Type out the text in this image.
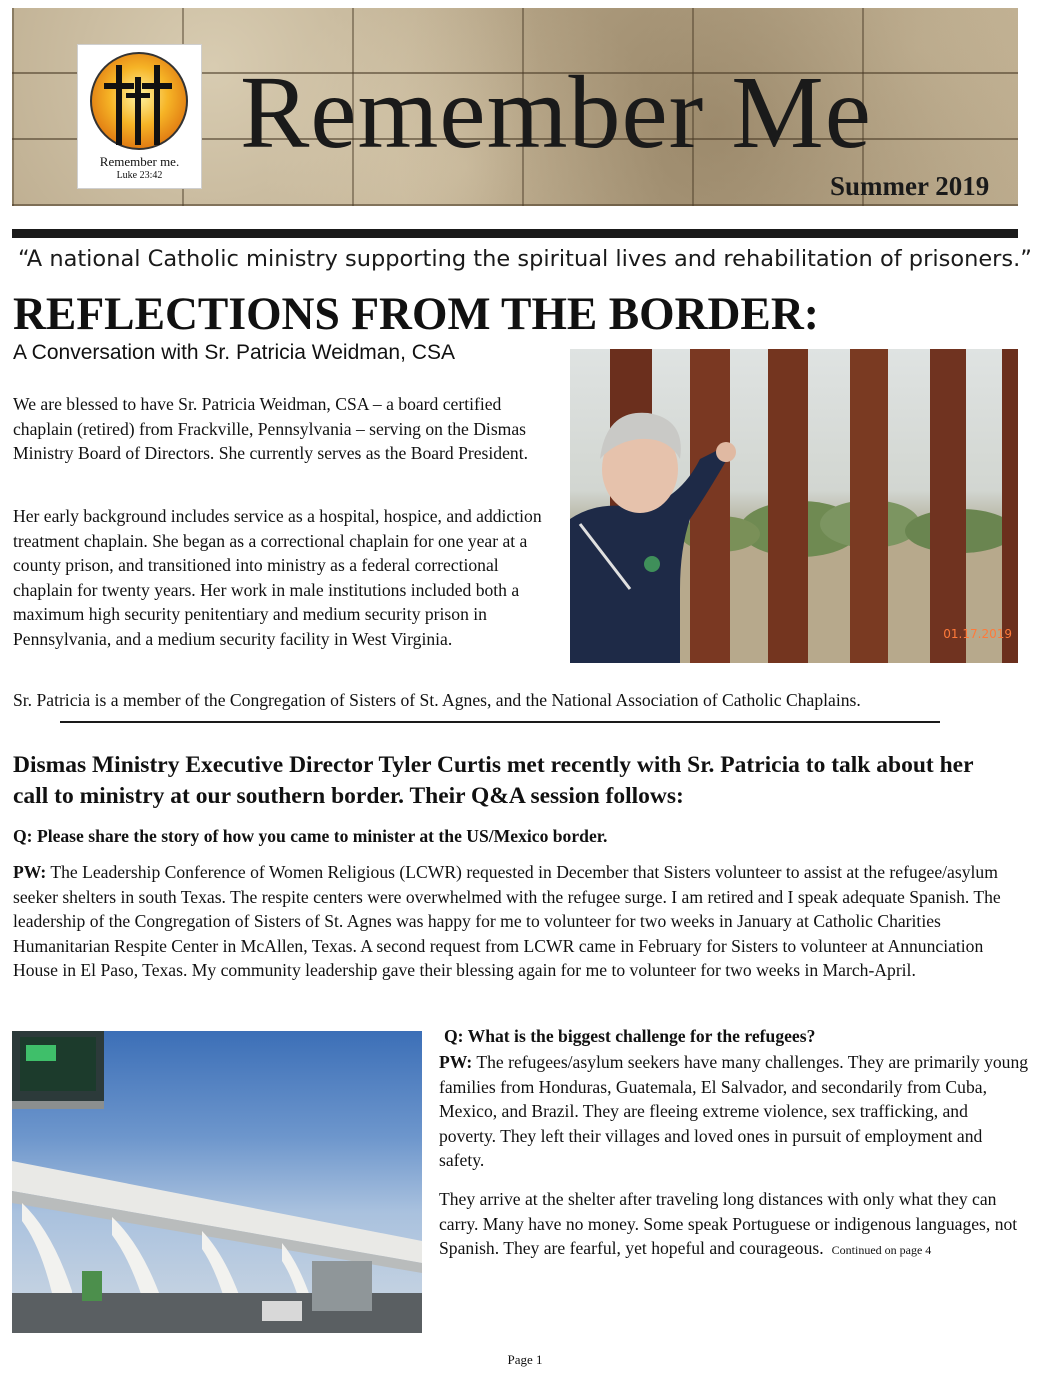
Remember me.
Luke 23:42
Remember Me
Summer 2019
“A national Catholic ministry supporting the spiritual lives and rehabilitation of prisoners.”
REFLECTIONS FROM THE BORDER:
A Conversation with Sr. Patricia Weidman, CSA

We are blessed to have Sr. Patricia Weidman, CSA – a board certified chaplain (retired) from Frackville, Pennsylvania – serving on the Dismas Ministry Board of Directors. She currently serves as the Board President.

Her early background includes service as a hospital, hospice, and addiction treatment chaplain. She began as a correctional chaplain for one year at a county prison, and transitioned into ministry as a federal correctional chaplain for twenty years. Her work in male institutions included both a maximum high security penitentiary and medium security prison in Pennsylvania, and a medium security facility in West Virginia.	01.17.2019

Sr. Patricia is a member of the Congregation of Sisters of St. Agnes, and the National Association of Catholic Chaplains.

Dismas Ministry Executive Director Tyler Curtis met recently with Sr. Patricia to talk about her call to ministry at our southern border. Their Q&A session follows:
Q: Please share the story of how you came to minister at the US/Mexico border.

PW: The Leadership Conference of Women Religious (LCWR) requested in December that Sisters volunteer to assist at the refugee/asylum seeker shelters in south Texas. The respite centers were overwhelmed with the refugee surge. I am retired and I speak adequate Spanish. The leadership of the Congregation of Sisters of St. Agnes was happy for me to volunteer for two weeks in January at Catholic Charities Humanitarian Respite Center in McAllen, Texas. A second request from LCWR came in February for Sisters to volunteer at Annunciation House in El Paso, Texas. My community leadership gave their blessing again for me to volunteer for two weeks in March-April.

Q: What is the biggest challenge for the refugees?

PW: The refugees/asylum seekers have many challenges. They are primarily young families from Honduras, Guatemala, El Salvador, and secondarily from Cuba, Mexico, and Brazil. They are fleeing extreme violence, sex trafficking, and poverty. They left their villages and loved ones in pursuit of employment and safety.

They arrive at the shelter after traveling long distances with only what they can carry. Many have no money. Some speak Portuguese or indigenous languages, not Spanish. They are fearful, yet hopeful and courageous. Continued on page 4

Page 1
